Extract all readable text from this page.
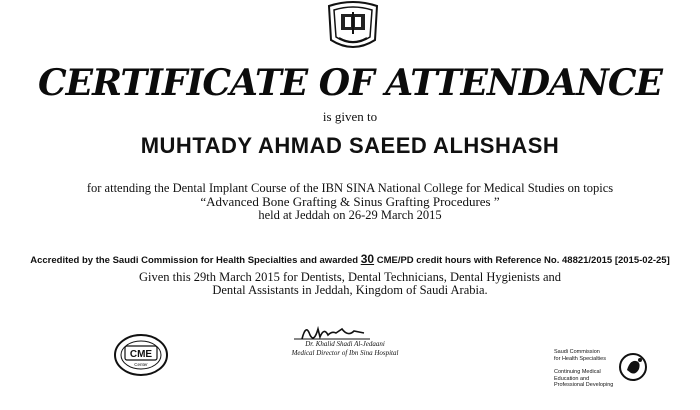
CERTIFICATE OF ATTENDANCE
is given to
MUHTADY AHMAD SAEED ALHSHASH
for attending the Dental Implant Course of the IBN SINA National College for Medical Studies on topics
“Advanced Bone Grafting & Sinus Grafting Procedures ”
held at Jeddah on 26-29 March 2015
Accredited by the Saudi Commission for Health Specialties and awarded 30 CME/PD credit hours with Reference No. 48821/2015 [2015-02-25]
Given this 29th March 2015 for Dentists, Dental Technicians, Dental Hygienists and
Dental Assistants in Jeddah, Kingdom of Saudi Arabia.
Dr. Khalid Shadi Al-Jedaani
Medical Director of Ibn Sina Hospital
CME
Center
Saudi Commission
for Health Specialties
Continuing Medical Education and
Professional Developing
